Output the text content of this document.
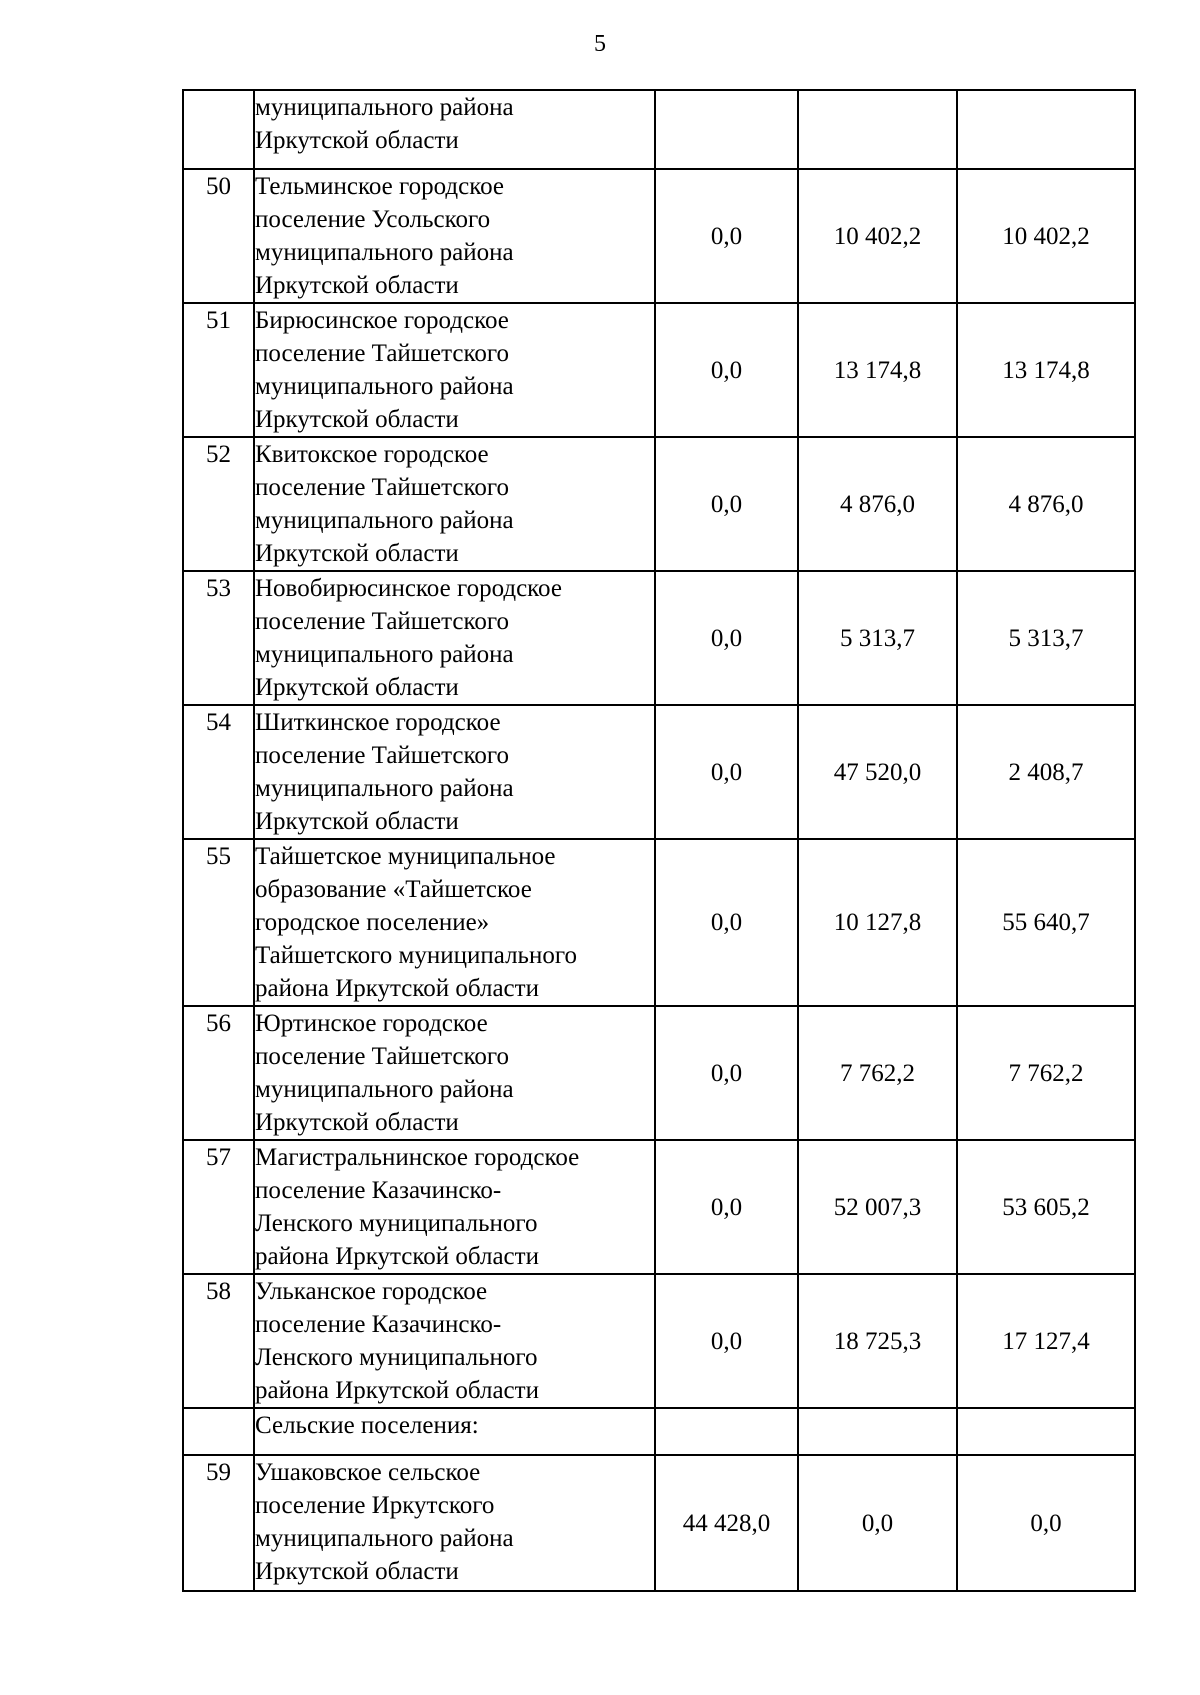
5

	муниципального района
Иркутской области			

50	Тельминское городское
поселение Усольского
муниципального района
Иркутской области	0,0	10 402,2	10 402,2
51	Бирюсинское городское
поселение Тайшетского
муниципального района
Иркутской области	0,0	13 174,8	13 174,8
52	Квитокское городское
поселение Тайшетского
муниципального района
Иркутской области	0,0	4 876,0	4 876,0
53	Новобирюсинское городское
поселение Тайшетского
муниципального района
Иркутской области	0,0	5 313,7	5 313,7
54	Шиткинское городское
поселение Тайшетского
муниципального района
Иркутской области	0,0	47 520,0	2 408,7
55	Тайшетское муниципальное
образование «Тайшетское
городское поселение»
Тайшетского муниципального
района Иркутской области	0,0	10 127,8	55 640,7
56	Юртинское городское
поселение Тайшетского
муниципального района
Иркутской области	0,0	7 762,2	7 762,2
57	Магистральнинское городское
поселение Казачинско-
Ленского муниципального
района Иркутской области	0,0	52 007,3	53 605,2
58	Ульканское городское
поселение Казачинско-
Ленского муниципального
района Иркутской области	0,0	18 725,3	17 127,4

	Сельские поселения:			

59	Ушаковское сельское
поселение Иркутского
муниципального района
Иркутской области	44 428,0	0,0	0,0
